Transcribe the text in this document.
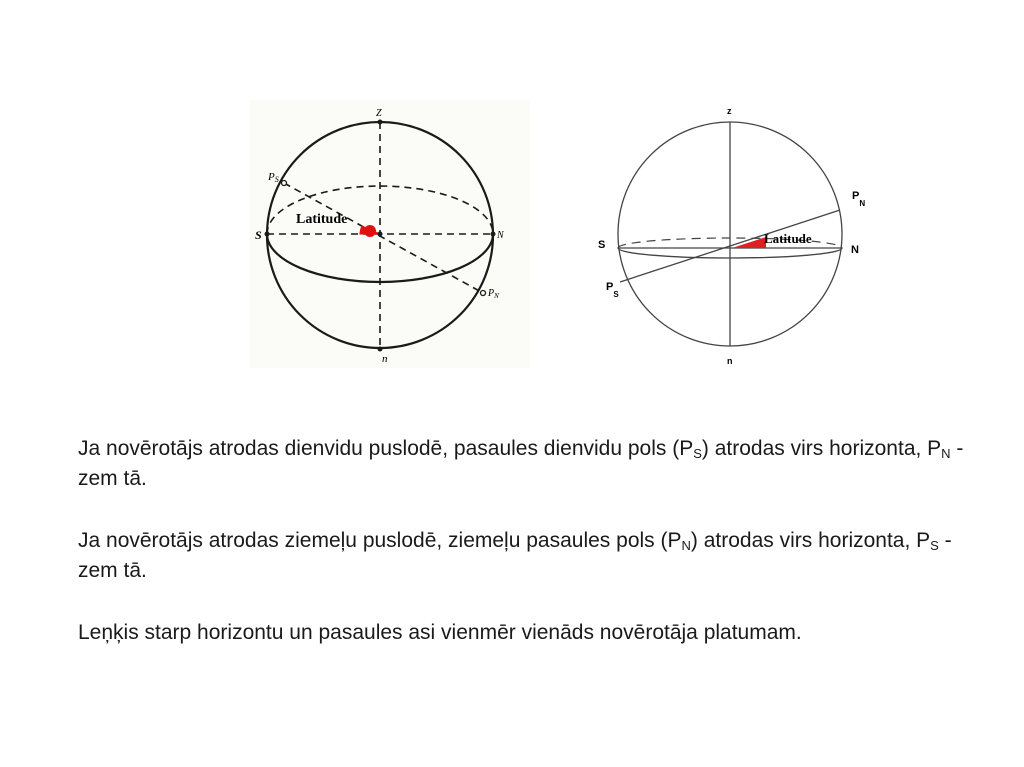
Z
n
S	N
PS
$P_N$
Latitude
z
n
S	N
$P_N$
$P_S$
Latitude

Ja novērotājs atrodas dienvidu puslodē, pasaules dienvidu pols $(P_S)$ atrodas virs horizonta, $P_N$ - zem tā.

Ja novērotājs atrodas ziemeļu puslodē, ziemeļu pasaules pols $(P_N)$ atrodas virs horizonta, $P_S$ - zem tā.

Leņķis starp horizontu un pasaules asi vienmēr vienāds novērotāja platumam.
